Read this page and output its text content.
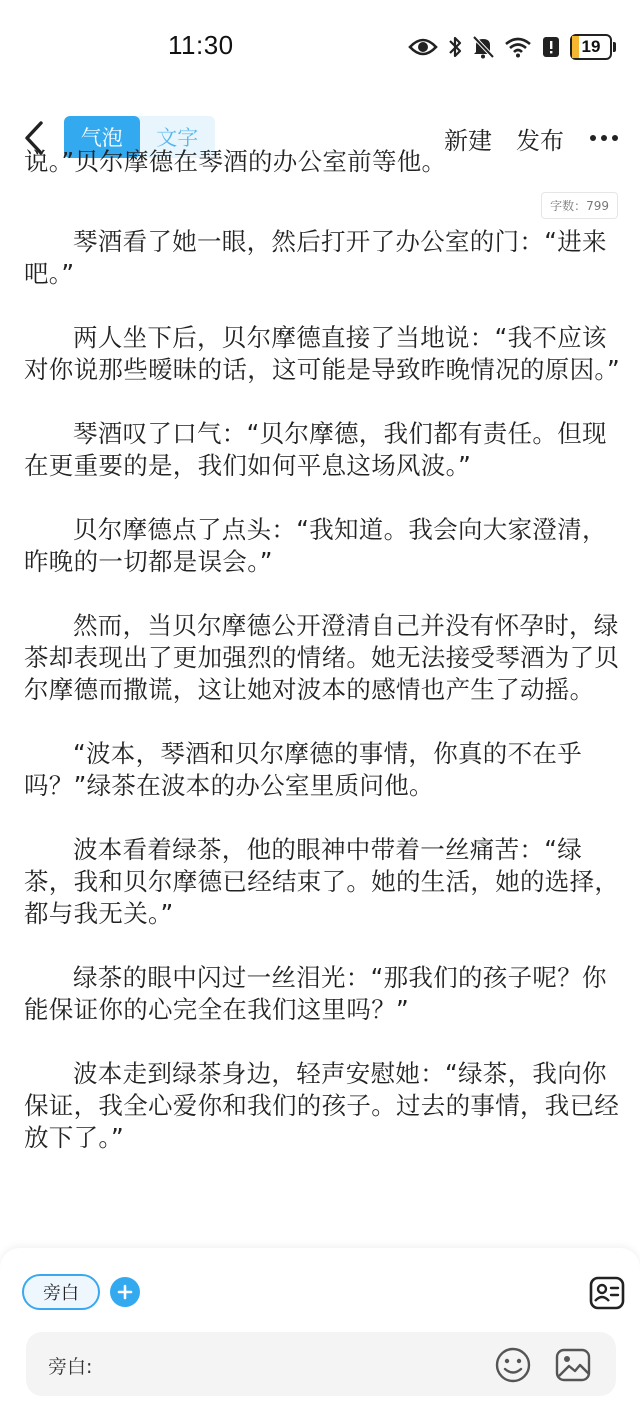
11:30	19
气泡	文字	新建 发布
说。”贝尔摩德在琴酒的办公室前等他。

琴酒看了她一眼，然后打开了办公室的门：“进来吧。”

两人坐下后，贝尔摩德直接了当地说：“我不应该对你说那些暧昧的话，这可能是导致昨晚情况的原因。”

琴酒叹了口气：“贝尔摩德，我们都有责任。但现在更重要的是，我们如何平息这场风波。”

贝尔摩德点了点头：“我知道。我会向大家澄清，昨晚的一切都是误会。”

然而，当贝尔摩德公开澄清自己并没有怀孕时，绿茶却表现出了更加强烈的情绪。她无法接受琴酒为了贝尔摩德而撒谎，这让她对波本的感情也产生了动摇。

“波本，琴酒和贝尔摩德的事情，你真的不在乎吗？”绿茶在波本的办公室里质问他。

波本看着绿茶，他的眼神中带着一丝痛苦：“绿茶，我和贝尔摩德已经结束了。她的生活，她的选择，都与我无关。”

绿茶的眼中闪过一丝泪光：“那我们的孩子呢？你能保证你的心完全在我们这里吗？”

波本走到绿茶身边，轻声安慰她：“绿茶，我向你保证，我全心爱你和我们的孩子。过去的事情，我已经放下了。”

字数：799
旁白
旁白:
